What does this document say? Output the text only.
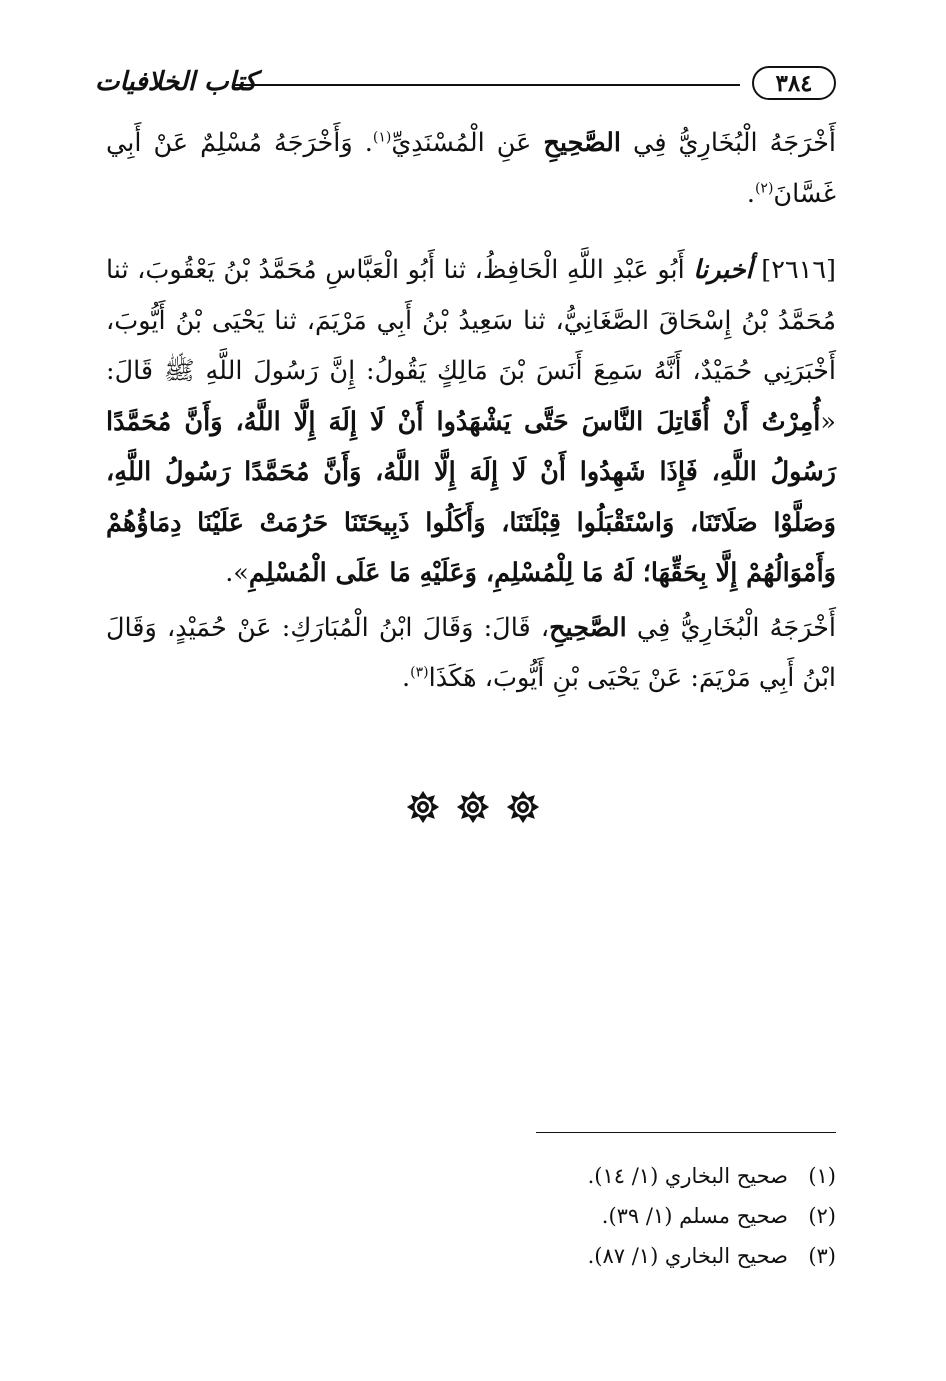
٣٨٤
كتاب الخلافيات

أَخْرَجَهُ الْبُخَارِيُّ فِي الصَّحِيحِ عَنِ الْمُسْنَدِيِّ$^{(١)}$. وَأَخْرَجَهُ مُسْلِمٌ عَنْ أَبِي غَسَّانَ$^{(٢)}$.

[٢٦١٦] أخبرنا أَبُو عَبْدِ اللَّهِ الْحَافِظُ، ثنا أَبُو الْعَبَّاسِ مُحَمَّدُ بْنُ يَعْقُوبَ، ثنا مُحَمَّدُ بْنُ إِسْحَاقَ الصَّغَانِيُّ، ثنا سَعِيدُ بْنُ أَبِي مَرْيَمَ، ثنا يَحْيَى بْنُ أَيُّوبَ، أَخْبَرَنِي حُمَيْدٌ، أَنَّهُ سَمِعَ أَنَسَ بْنَ مَالِكٍ يَقُولُ: إِنَّ رَسُولَ اللَّهِ ﷺ قَالَ: «أُمِرْتُ أَنْ أُقَاتِلَ النَّاسَ حَتَّى يَشْهَدُوا أَنْ لَا إِلَهَ إِلَّا اللَّهُ، وَأَنَّ مُحَمَّدًا رَسُولُ اللَّهِ، فَإِذَا شَهِدُوا أَنْ لَا إِلَهَ إِلَّا اللَّهُ، وَأَنَّ مُحَمَّدًا رَسُولُ اللَّهِ، وَصَلَّوْا صَلَاتَنَا، وَاسْتَقْبَلُوا قِبْلَتَنَا، وَأَكَلُوا ذَبِيحَتَنَا حَرُمَتْ عَلَيْنَا دِمَاؤُهُمْ وَأَمْوَالُهُمْ إِلَّا بِحَقِّهَا؛ لَهُ مَا لِلْمُسْلِمِ، وَعَلَيْهِ مَا عَلَى الْمُسْلِمِ».

أَخْرَجَهُ الْبُخَارِيُّ فِي الصَّحِيحِ، قَالَ: وَقَالَ ابْنُ الْمُبَارَكِ: عَنْ حُمَيْدٍ، وَقَالَ ابْنُ أَبِي مَرْيَمَ: عَنْ يَحْيَى بْنِ أَيُّوبَ، هَكَذَا$^{(٣)}$.

(١)
صحيح البخاري (١/ ١٤).
(٢)
صحيح مسلم (١/ ٣٩).
(٣)
صحيح البخاري (١/ ٨٧).
